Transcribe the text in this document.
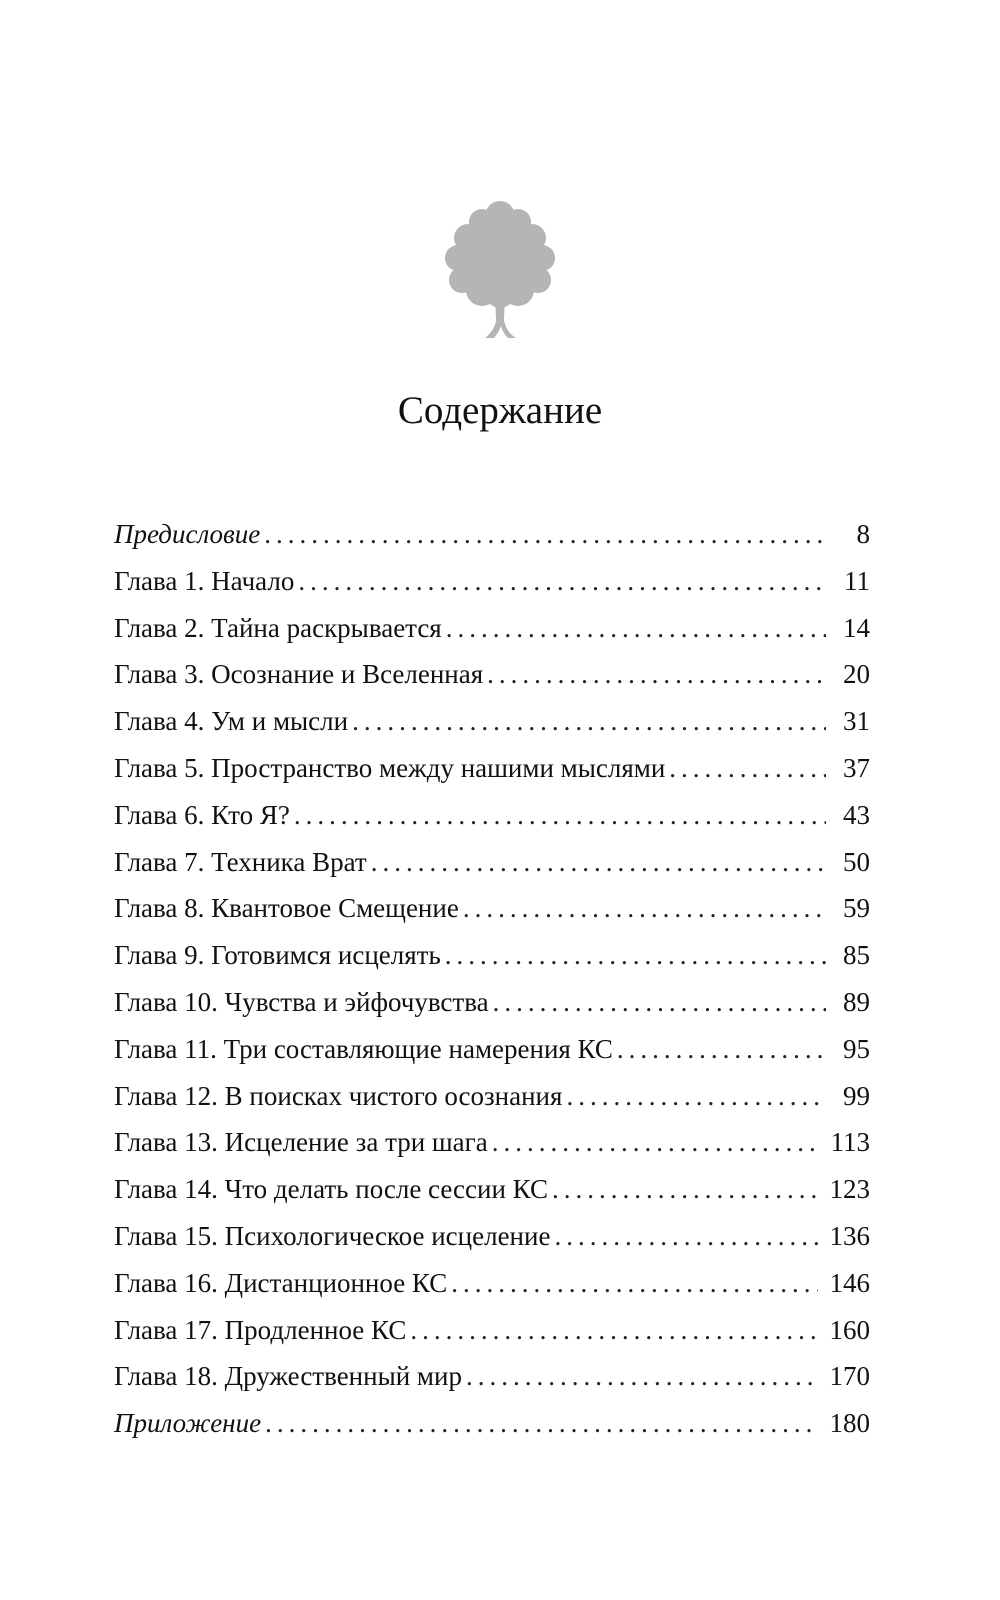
Содержание
Предисловие .....	8
Глава 1. Начало .....	11
Глава 2. Тайна раскрывается .....	14
Глава 3. Осознание и Вселенная .....	20
Глава 4. Ум и мысли .....	31
Глава 5. Пространство между нашими мыслями .....	37
Глава 6. Кто Я? .....	43
Глава 7. Техника Врат .....	50
Глава 8. Квантовое Смещение .....	59
Глава 9. Готовимся исцелять .....	85
Глава 10. Чувства и эйфочувства .....	89
Глава 11. Три составляющие намерения КС .....	95
Глава 12. В поисках чистого осознания .....	99
Глава 13. Исцеление за три шага .....	113
Глава 14. Что делать после сессии КС .....	123
Глава 15. Психологическое исцеление .....	136
Глава 16. Дистанционное КС .....	146
Глава 17. Продленное КС .....	160
Глава 18. Дружественный мир .....	170
Приложение .....	180
